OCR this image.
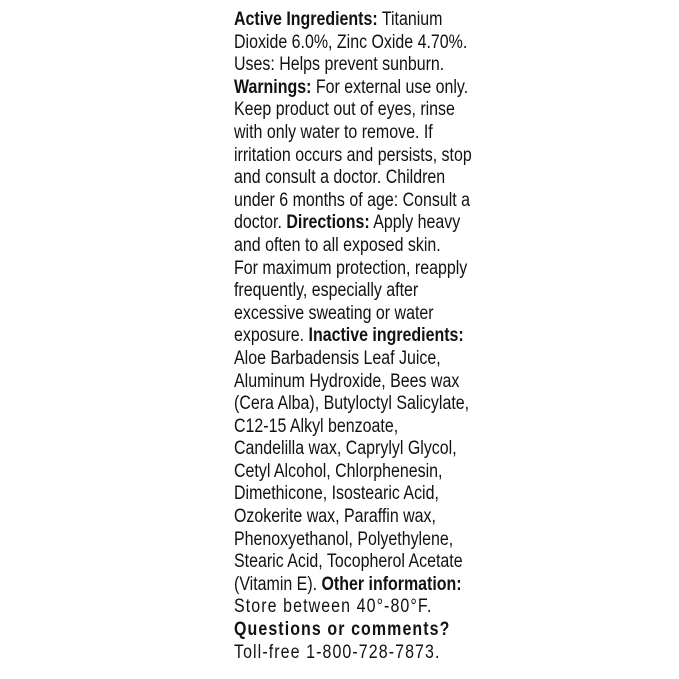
Active Ingredients: Titanium
Dioxide 6.0%, Zinc Oxide 4.70%.
Uses: Helps prevent sunburn.
Warnings: For external use only.
Keep product out of eyes, rinse
with only water to remove. If
irritation occurs and persists, stop
and consult a doctor. Children
under 6 months of age: Consult a
doctor. Directions: Apply heavy
and often to all exposed skin.
For maximum protection, reapply
frequently, especially after
excessive sweating or water
exposure. Inactive ingredients:
Aloe Barbadensis Leaf Juice,
Aluminum Hydroxide, Bees wax
(Cera Alba), Butyloctyl Salicylate,
C12-15 Alkyl benzoate,
Candelilla wax, Caprylyl Glycol,
Cetyl Alcohol, Chlorphenesin,
Dimethicone, Isostearic Acid,
Ozokerite wax, Paraffin wax,
Phenoxyethanol, Polyethylene,
Stearic Acid, Tocopherol Acetate
(Vitamin E). Other information:
Store between 40°-80°F.
Questions or comments?
Toll-free 1-800-728-7873.
